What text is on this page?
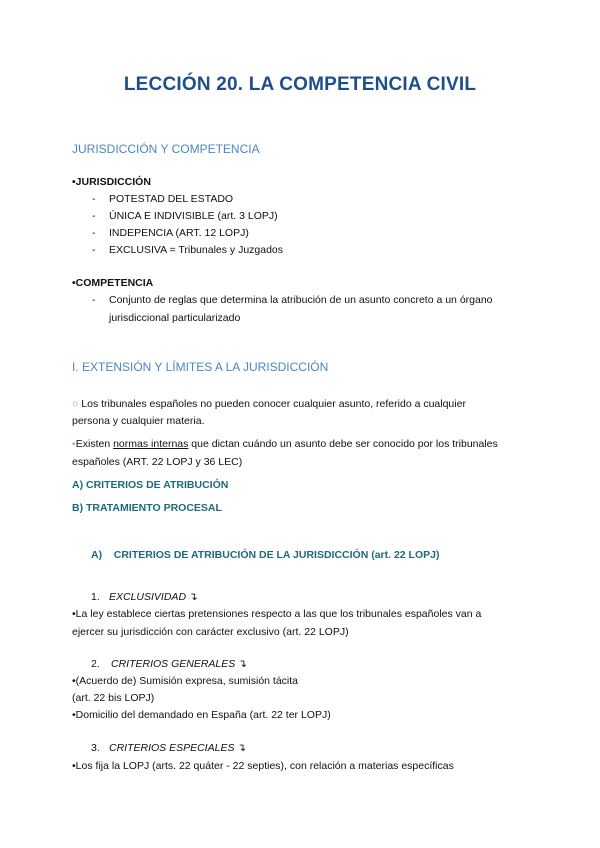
LECCIÓN 20. LA COMPETENCIA CIVIL
JURISDICCIÓN Y COMPETENCIA
•JURISDICCIÓN
- POTESTAD DEL ESTADO
- ÚNICA E INDIVISIBLE (art. 3 LOPJ)
- INDEPENCIA (ART. 12 LOPJ)
- EXCLUSIVA = Tribunales y Juzgados
•COMPETENCIA
- Conjunto de reglas que determina la atribución de un asunto concreto a un órgano
jurisdiccional particularizado
I. EXTENSIÓN Y LÍMITES A LA JURISDICCIÓN
○ Los tribunales españoles no pueden conocer cualquier asunto, referido a cualquier
persona y cualquier materia.
▪Existen normas internas que dictan cuándo un asunto debe ser conocido por los tribunales
españoles (ART. 22 LOPJ y 36 LEC)
A) CRITERIOS DE ATRIBUCIÓN
B) TRATAMIENTO PROCESAL
A)    CRITERIOS DE ATRIBUCIÓN DE LA JURISDICCIÓN (art. 22 LOPJ)
1. EXCLUSIVIDAD ↴
•La ley establece ciertas pretensiones respecto a las que los tribunales españoles van a
ejercer su jurisdicción con carácter exclusivo (art. 22 LOPJ)
2. CRITERIOS GENERALES ↴
•(Acuerdo de) Sumisión expresa, sumisión tácita
(art. 22 bis LOPJ)
•Domicilio del demandado en España (art. 22 ter LOPJ)
3. CRITERIOS ESPECIALES ↴
•Los fija la LOPJ (arts. 22 quáter - 22 septies), con relación a materias específicas
